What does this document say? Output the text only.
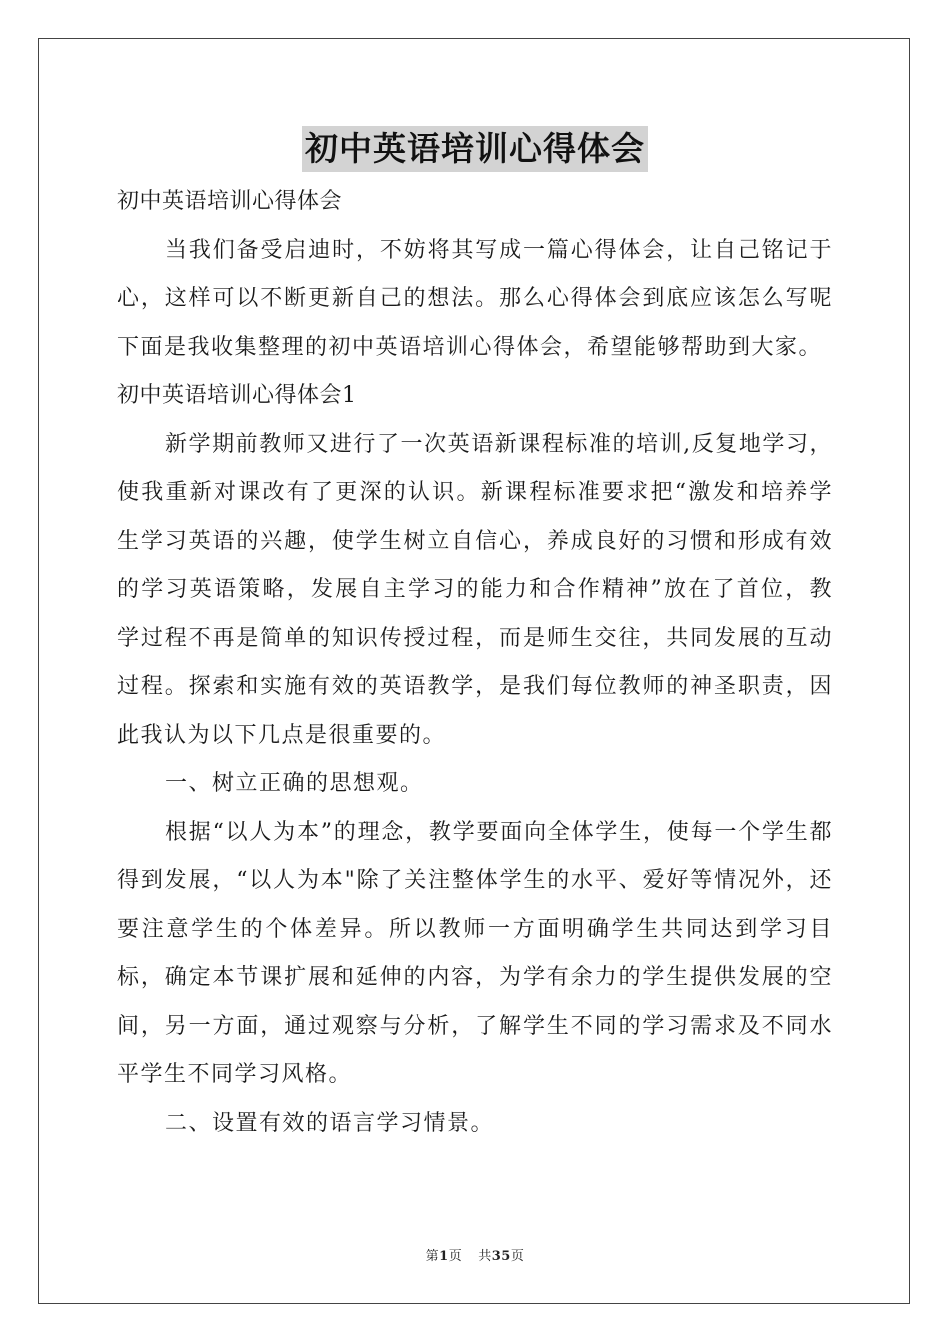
初中英语培训心得体会

初中英语培训心得体会

当我们备受启迪时，不妨将其写成一篇心得体会，让自己铭记于心，这样可以不断更新自己的想法。那么心得体会到底应该怎么写呢下面是我收集整理的初中英语培训心得体会，希望能够帮助到大家。

初中英语培训心得体会1

新学期前教师又进行了一次英语新课程标准的培训,反复地学习，使我重新对课改有了更深的认识。新课程标准要求把“激发和培养学生学习英语的兴趣，使学生树立自信心，养成良好的习惯和形成有效的学习英语策略，发展自主学习的能力和合作精神”放在了首位，教学过程不再是简单的知识传授过程，而是师生交往，共同发展的互动过程。探索和实施有效的英语教学，是我们每位教师的神圣职责，因此我认为以下几点是很重要的。

一、树立正确的思想观。

根据“以人为本”的理念，教学要面向全体学生，使每一个学生都得到发展，“以人为本"除了关注整体学生的水平、爱好等情况外，还要注意学生的个体差异。所以教师一方面明确学生共同达到学习目标，确定本节课扩展和延伸的内容，为学有余力的学生提供发展的空间，另一方面，通过观察与分析，了解学生不同的学习需求及不同水平学生不同学习风格。

二、设置有效的语言学习情景。

第1页 共35页
